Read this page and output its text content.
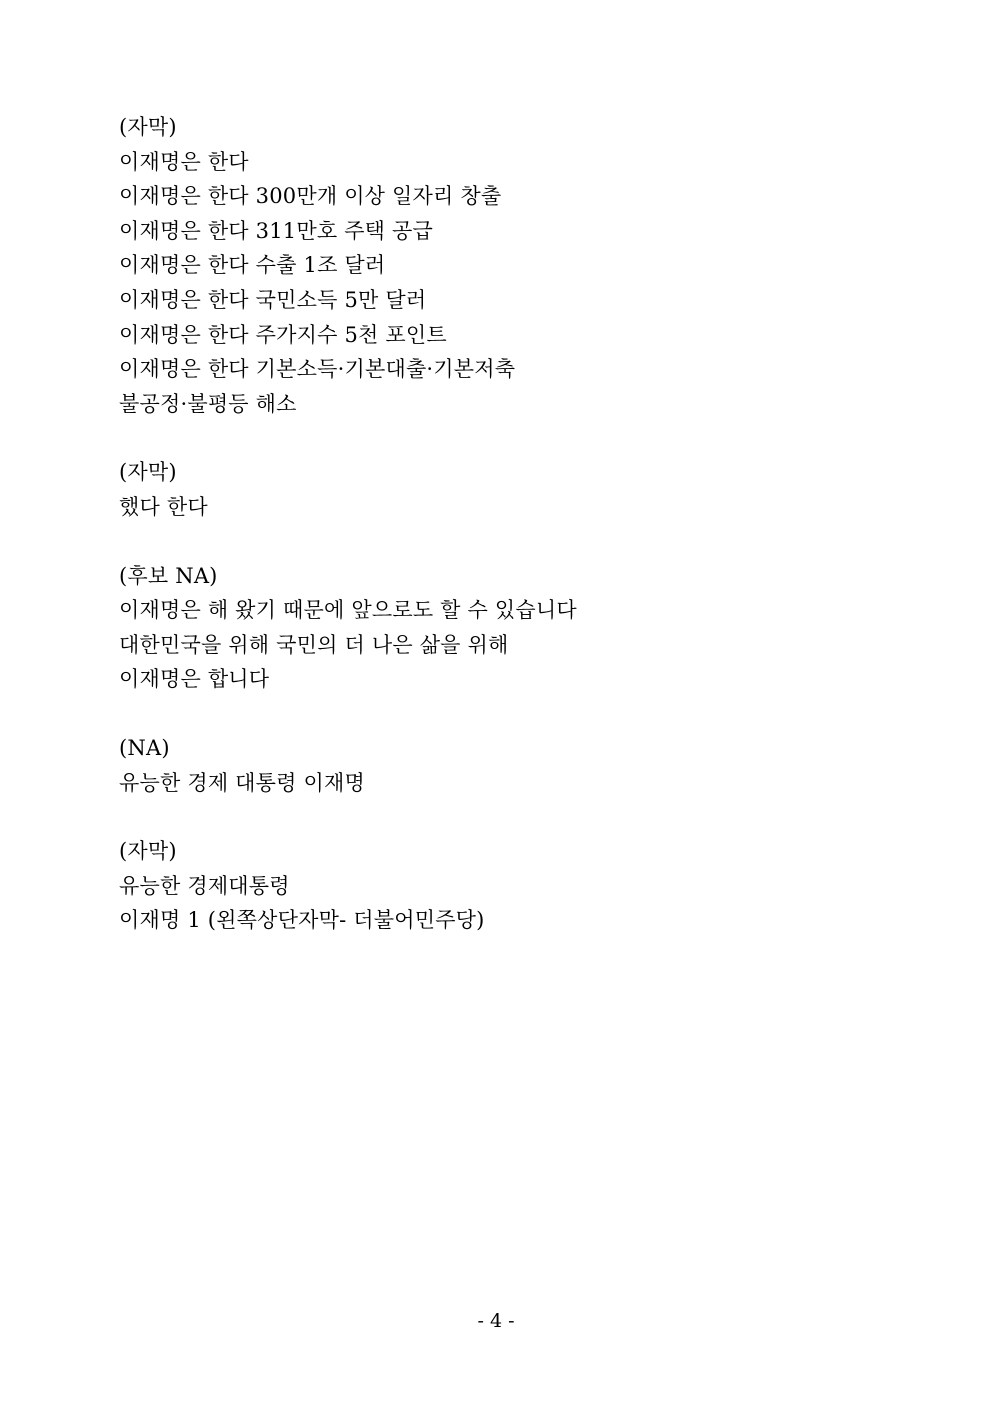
(자막)
이재명은 한다
이재명은 한다 300만개 이상 일자리 창출
이재명은 한다 311만호 주택 공급
이재명은 한다 수출 1조 달러
이재명은 한다 국민소득 5만 달러
이재명은 한다 주가지수 5천 포인트
이재명은 한다 기본소득·기본대출·기본저축
불공정·불평등 해소
(자막)
했다 한다
(후보 NA)
이재명은 해 왔기 때문에 앞으로도 할 수 있습니다
대한민국을 위해 국민의 더 나은 삶을 위해
이재명은 합니다
(NA)
유능한 경제 대통령 이재명
(자막)
유능한 경제대통령
이재명 1 (왼쪽상단자막- 더불어민주당)
- 4 -
